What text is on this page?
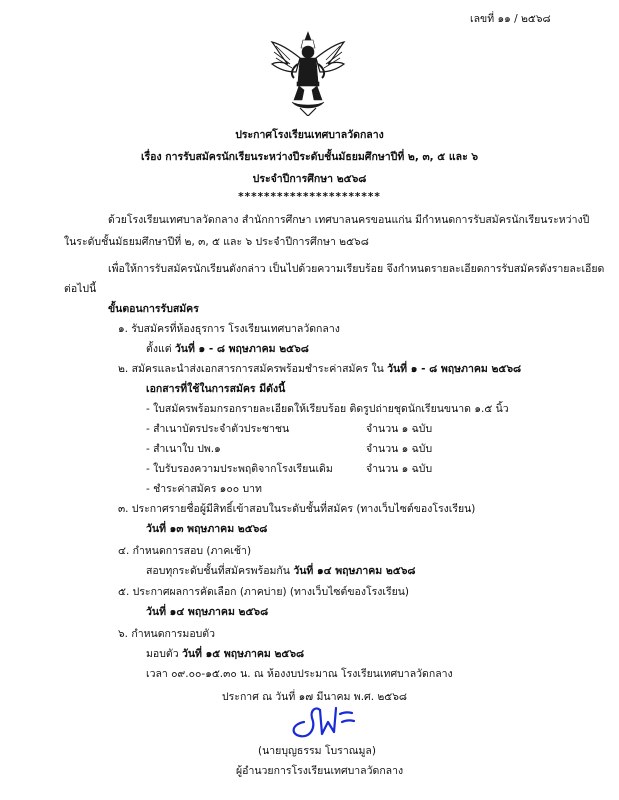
เลขที่ ๑๑ / ๒๕๖๘
ประกาศโรงเรียนเทศบาลวัดกลาง
เรื่อง การรับสมัครนักเรียนระหว่างปีระดับชั้นมัธยมศึกษาปีที่ ๒, ๓, ๕ และ ๖
ประจำปีการศึกษา ๒๕๖๘
**********************
ด้วยโรงเรียนเทศบาลวัดกลาง สำนักการศึกษา เทศบาลนครขอนแก่น มีกำหนดการรับสมัครนักเรียนระหว่างปี
ในระดับชั้นมัธยมศึกษาปีที่ ๒, ๓, ๕ และ ๖ ประจำปีการศึกษา ๒๕๖๘
เพื่อให้การรับสมัครนักเรียนดังกล่าว เป็นไปด้วยความเรียบร้อย จึงกำหนดรายละเอียดการรับสมัครดังรายละเอียด
ต่อไปนี้
ขั้นตอนการรับสมัคร
๑. รับสมัครที่ห้องธุรการ โรงเรียนเทศบาลวัดกลาง
ตั้งแต่ วันที่ ๑ - ๘ พฤษภาคม ๒๕๖๘
๒. สมัครและนำส่งเอกสารการสมัครพร้อมชำระค่าสมัคร ใน วันที่ ๑ - ๘ พฤษภาคม ๒๕๖๘
เอกสารที่ใช้ในการสมัคร มีดังนี้
- ใบสมัครพร้อมกรอกรายละเอียดให้เรียบร้อย ติดรูปถ่ายชุดนักเรียนขนาด ๑.๕ นิ้ว
- สำเนาบัตรประจำตัวประชาชน	จำนวน ๑ ฉบับ
- สำเนาใบ ปพ.๑	จำนวน ๑ ฉบับ
- ใบรับรองความประพฤติจากโรงเรียนเดิม	จำนวน ๑ ฉบับ
- ชำระค่าสมัคร ๑๐๐ บาท
๓. ประกาศรายชื่อผู้มีสิทธิ์เข้าสอบในระดับชั้นที่สมัคร (ทางเว็บไซต์ของโรงเรียน)
วันที่ ๑๓ พฤษภาคม ๒๕๖๘
๔. กำหนดการสอบ (ภาคเช้า)
สอบทุกระดับชั้นที่สมัครพร้อมกัน วันที่ ๑๔ พฤษภาคม ๒๕๖๘
๕. ประกาศผลการคัดเลือก (ภาคบ่าย) (ทางเว็บไซต์ของโรงเรียน)
วันที่ ๑๔ พฤษภาคม ๒๕๖๘
๖. กำหนดการมอบตัว
มอบตัว วันที่ ๑๕ พฤษภาคม ๒๕๖๘
เวลา ๐๙.๐๐-๑๕.๓๐ น. ณ ห้องงบประมาณ โรงเรียนเทศบาลวัดกลาง
ประกาศ ณ วันที่ ๑๗ มีนาคม พ.ศ. ๒๕๖๘
(นายบุญธรรม โบราณมูล)
ผู้อำนวยการโรงเรียนเทศบาลวัดกลาง
